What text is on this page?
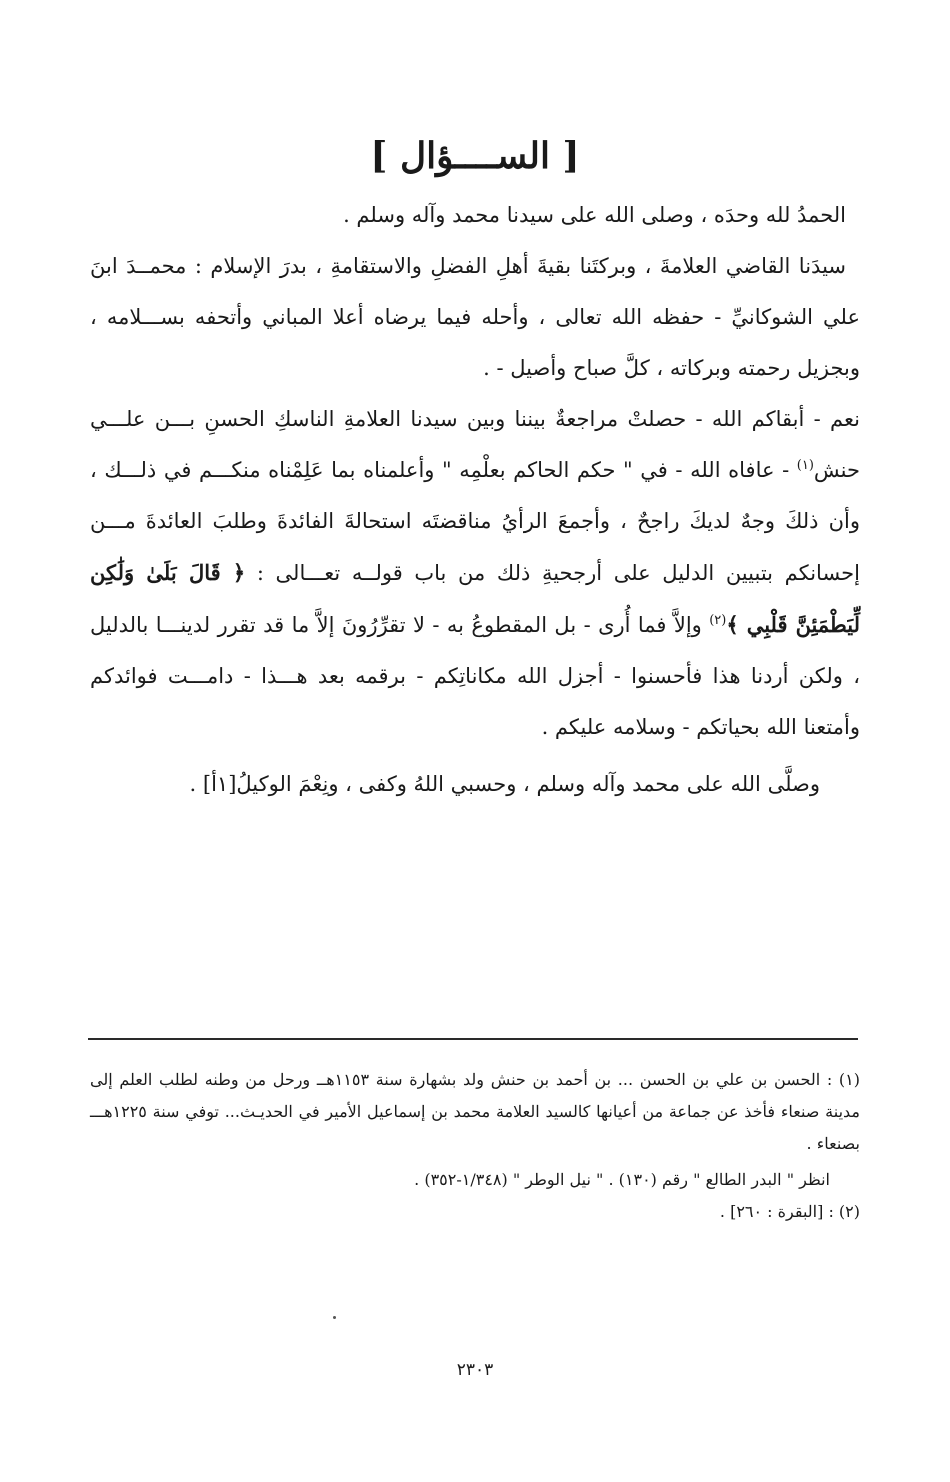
[ الســــؤال ]

الحمدُ لله وحدَه ، وصلى الله على سيدنا محمد وآله وسلم .

سيدَنا القاضي العلامةَ ، وبركتَنا بقيةَ أهلِ الفضلِ والاستقامةِ ، بدرَ الإسلام : محمــدَ ابنَ علي الشوكانيِّ - حفظه الله تعالى ، وأحله فيما يرضاه أعلا المباني وأتحفه بســـلامه ، وبجزيل رحمته وبركاته ، كلَّ صباح وأصيل - .

نعم - أبقاكم الله - حصلتْ مراجعةٌ بيننا وبين سيدنا العلامةِ الناسكِ الحسنِ بـــن علـــي حنش$^{(١)}$ - عافاه الله - في " حكم الحاكم بعلْمِه " وأعلمناه بما عَلِمْناه منكـــم في ذلـــك ، وأن ذلكَ وجهٌ لديكَ راجحٌ ، وأجمعَ الرأيُ مناقضتَه استحالةَ الفائدةَ وطلبَ العائدةَ مـــن إحسانكم بتبيين الدليل على أرجحيةِ ذلك من باب قولــه تعـــالى : ﴿ قَالَ بَلَىٰ وَلَٰكِن لِّيَطْمَئِنَّ قَلْبِي ﴾$^{(٢)}$ وإلاَّ فما أُرى - بل المقطوعُ به - لا تقرِّرُونَ إلاَّ ما قد تقرر لدينـــا بالدليل ، ولكن أردنا هذا فأحسنوا - أجزل الله مكاناتِكم - برقمه بعد هـــذا - دامـــت فوائدكم وأمتعنا الله بحياتكم - وسلامه عليكم .

وصلَّى الله على محمد وآله وسلم ، وحسبي اللهُ وكفى ، ونِعْمَ الوكيلُ[١أ] .

(١) : الحسن بن علي بن الحسن ... بن أحمد بن حنش ولد بشهارة سنة ١١٥٣هــ ورحل من وطنه لطلب العلم إلى مدينة صنعاء فأخذ عن جماعة من أعيانها كالسيد العلامة محمد بن إسماعيل الأمير في الحديـث... توفي سنة ١٢٢٥هـــ بصنعاء .

انظر " البدر الطالع " رقم (١٣٠) . " نيل الوطر " (١/٣٤٨-٣٥٢) .

(٢) : [البقرة : ٢٦٠] .

٢٣٠٣
